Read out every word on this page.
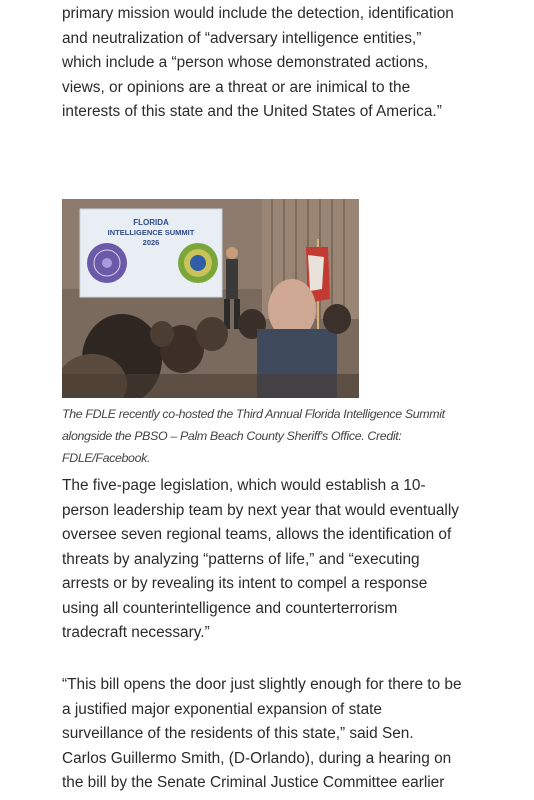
primary mission would include the detection, identification and neutralization of “adversary intelligence entities,” which include a “person whose demonstrated actions, views, or opinions are a threat or are inimical to the interests of this state and the United States of America.”

FLORIDA
INTELLIGENCE SUMMIT
2026
The FDLE recently co-hosted the Third Annual Florida Intelligence Summit alongside the PBSO – Palm Beach County Sheriff's Office. Credit: FDLE/Facebook.

The five-page legislation, which would establish a 10-person leadership team by next year that would eventually oversee seven regional teams, allows the identification of threats by analyzing “patterns of life,” and “executing arrests or by revealing its intent to compel a response using all counterintelligence and counterterrorism tradecraft necessary.”

“This bill opens the door just slightly enough for there to be a justified major exponential expansion of state surveillance of the residents of this state,” said Sen. Carlos Guillermo Smith, (D-Orlando), during a hearing on the bill by the Senate Criminal Justice Committee earlier
